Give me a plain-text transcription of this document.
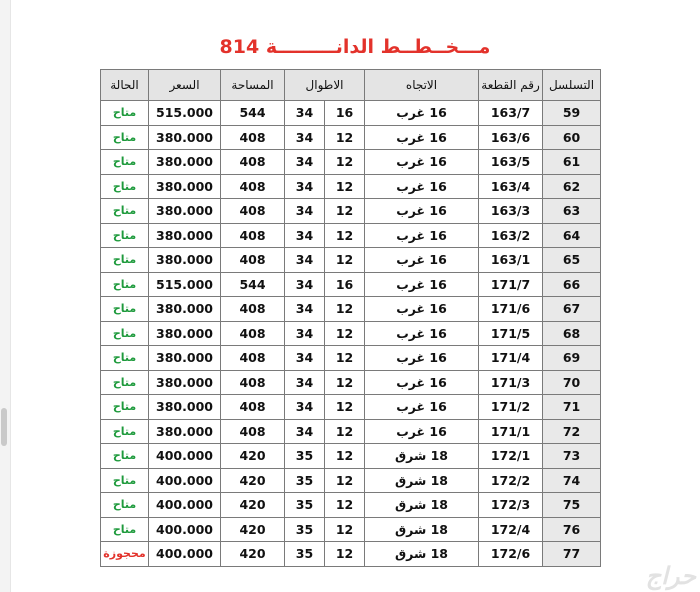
مـــخــطــط الدانـــــــــة 814
التسلسل	رقم القطعة	الاتجاه	الاطوال		المساحة	السعر	الحالة
59	163/7	16 غرب	16	34	544	515.000	متاح
60	163/6	16 غرب	12	34	408	380.000	متاح
61	163/5	16 غرب	12	34	408	380.000	متاح
62	163/4	16 غرب	12	34	408	380.000	متاح
63	163/3	16 غرب	12	34	408	380.000	متاح
64	163/2	16 غرب	12	34	408	380.000	متاح
65	163/1	16 غرب	12	34	408	380.000	متاح
66	171/7	16 غرب	16	34	544	515.000	متاح
67	171/6	16 غرب	12	34	408	380.000	متاح
68	171/5	16 غرب	12	34	408	380.000	متاح
69	171/4	16 غرب	12	34	408	380.000	متاح
70	171/3	16 غرب	12	34	408	380.000	متاح
71	171/2	16 غرب	12	34	408	380.000	متاح
72	171/1	16 غرب	12	34	408	380.000	متاح
73	172/1	18 شرق	12	35	420	400.000	متاح
74	172/2	18 شرق	12	35	420	400.000	متاح
75	172/3	18 شرق	12	35	420	400.000	متاح
76	172/4	18 شرق	12	35	420	400.000	متاح
77	172/6	18 شرق	12	35	420	400.000	محجوزة
حراج
